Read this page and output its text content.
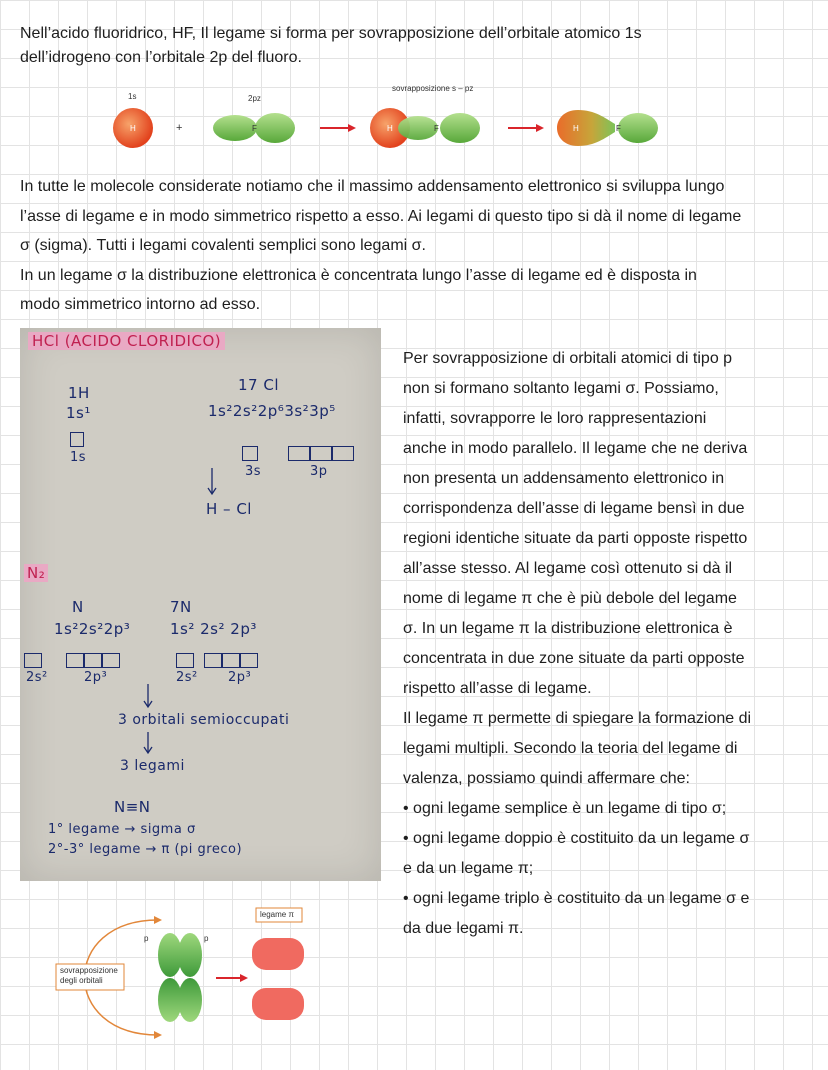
Nell’acido fluoridrico, HF, Il legame si forma per sovrapposizione dell’orbitale atomico 1s
dell’idrogeno con l’orbitale 2p del fluoro.
1s	2pz
sovrapposizione s – pz
H	+	F	H	F	H	F
In tutte le molecole considerate notiamo che il massimo addensamento elettronico si sviluppa lungo
l’asse di legame e in modo simmetrico rispetto a esso. Ai legami di questo tipo si dà il nome di legame
σ (sigma). Tutti i legami covalenti semplici sono legami σ.
In un legame σ la distribuzione elettronica è concentrata lungo l’asse di legame ed è disposta in
modo simmetrico intorno ad esso.
HCl (ACIDO CLORIDICO)
1H
1s¹
1s
17 Cl
1s²2s²2p⁶3s²3p⁵
3s	3p
H – Cl
N₂
N
1s²2s²2p³
7N
1s² 2s² 2p³
2s²	2p³	2s² 2p³
3 orbitali semioccupati
3 legami
N≡N
1° legame → sigma σ
2°-3° legame → π (pi greco)
p	p
legame π
sovrapposizione degli orbitali
Per sovrapposizione di orbitali atomici di tipo p
non si formano soltanto legami σ. Possiamo,
infatti, sovrapporre le loro rappresentazioni
anche in modo parallelo. Il legame che ne deriva
non presenta un addensamento elettronico in
corrispondenza dell’asse di legame bensì in due
regioni identiche situate da parti opposte rispetto
all’asse stesso. Al legame così ottenuto si dà il
nome di legame π che è più debole del legame
σ. In un legame π la distribuzione elettronica è
concentrata in due zone situate da parti opposte
rispetto all’asse di legame.
Il legame π permette di spiegare la formazione di
legami multipli. Secondo la teoria del legame di
valenza, possiamo quindi affermare che:
• ogni legame semplice è un legame di tipo σ;
• ogni legame doppio è costituito da un legame σ
e da un legame π;
• ogni legame triplo è costituito da un legame σ e
da due legami π.
